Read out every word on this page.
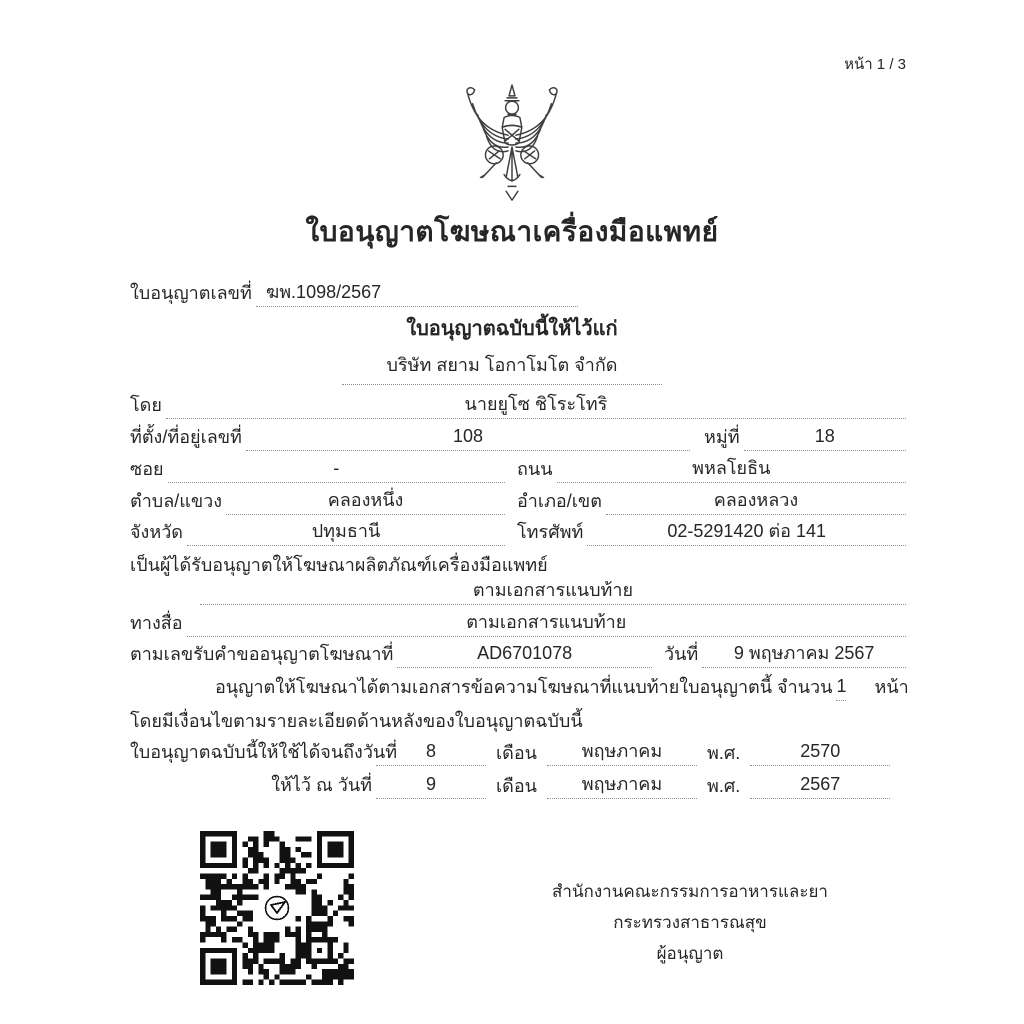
หน้า 1 / 3
ใบอนุญาตโฆษณาเครื่องมือแพทย์
ใบอนุญาตเลขที่ ฆพ.1098/2567
ใบอนุญาตฉบับนี้ให้ไว้แก่
บริษัท สยาม โอกาโมโต จำกัด
โดย	นายยูโซ ชิโระโทริ
ที่ตั้ง/ที่อยู่เลขที่	108	หมู่ที่	18
ซอย	-	ถนน	พหลโยธิน
ตำบล/แขวง	คลองหนึ่ง	อำเภอ/เขต	คลองหลวง
จังหวัด	ปทุมธานี	โทรศัพท์	02-5291420 ต่อ 141
เป็นผู้ได้รับอนุญาตให้โฆษณาผลิตภัณฑ์เครื่องมือแพทย์
ตามเอกสารแนบท้าย
ทางสื่อ	ตามเอกสารแนบท้าย
ตามเลขรับคำขออนุญาตโฆษณาที่	AD6701078	วันที่	9 พฤษภาคม 2567
อนุญาตให้โฆษณาได้ตามเอกสารข้อความโฆษณาที่แนบท้ายใบอนุญาตนี้ จำนวน 1	หน้า
โดยมีเงื่อนไขตามรายละเอียดด้านหลังของใบอนุญาตฉบับนี้
ใบอนุญาตฉบับนี้ให้ใช้ได้จนถึงวันที่	8	เดือน	พฤษภาคม	พ.ศ.	2570
ให้ไว้ ณ วันที่	9	เดือน	พฤษภาคม	พ.ศ.	2567
สำนักงานคณะกรรมการอาหารและยา
กระทรวงสาธารณสุข
ผู้อนุญาต
